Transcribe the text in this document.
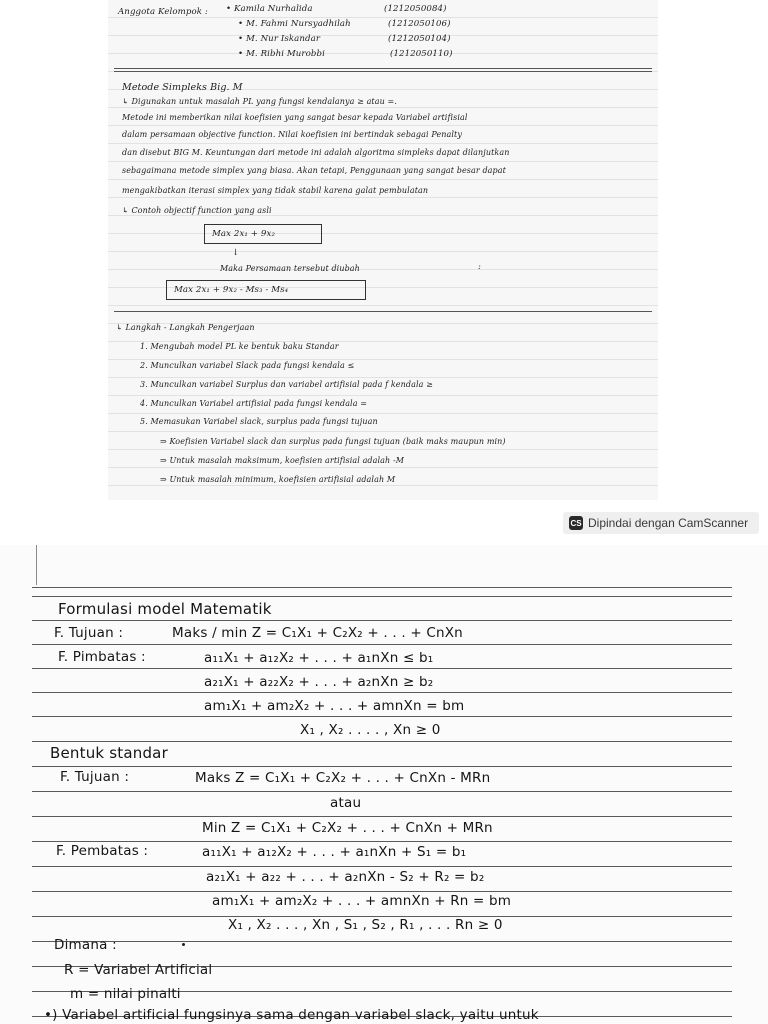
Anggota Kelompok : • Kamila Nurhalida	(1212050084)
• M. Fahmi Nursyadhilah	(1212050106)
• M. Nur Iskandar	(1212050104)
• M. Ribhi Murobbi	(1212050110)
Metode Simpleks Big. M
↳ Digunakan untuk masalah PL yang fungsi kendalanya ≥ atau =.
Metode ini memberikan nilai koefisien yang sangat besar kepada Variabel artifisial
dalam persamaan objective function. Nilai koefisien ini bertindak sebagai Penalty
dan disebut BIG M. Keuntungan dari metode ini adalah algoritma simpleks dapat dilanjutkan
sebagaimana metode simplex yang biasa. Akan tetapi, Penggunaan yang sangat besar dapat
mengakibatkan iterasi simplex yang tidak stabil karena galat pembulatan
↳ Contoh objectif function yang asli
Max 2x₁ + 9x₂
↓
Maka Persamaan tersebut diubah	:
Max 2x₁ + 9x₂ - Ms₃ - Ms₄
↳ Langkah - Langkah Pengerjaan
1. Mengubah model PL ke bentuk baku Standar
2. Munculkan variabel Slack pada fungsi kendala ≤
3. Munculkan variabel Surplus dan variabel artifisial pada f kendala ≥
4. Munculkan Variabel artifisial pada fungsi kendala =
5. Memasukan Variabel slack, surplus pada fungsi tujuan
⇒ Koefisien Variabel slack dan surplus pada fungsi tujuan (baik maks maupun min)
⇒ Untuk masalah maksimum, koefisien artifisial adalah -M
⇒ Untuk masalah minimum, koefisien artifisial adalah M
CS Dipindai dengan CamScanner
Formulasi model Matematik
F. Tujuan :	Maks / min Z = C₁X₁ + C₂X₂ + . . . + CnXn
F. Pimbatas :	a₁₁X₁ + a₁₂X₂ + . . . + a₁nXn ≤ b₁
a₂₁X₁ + a₂₂X₂ + . . . + a₂nXn ≥ b₂
am₁X₁ + am₂X₂ + . . . + amnXn = bm
X₁ , X₂ . . . . , Xn ≥ 0
Bentuk standar
F. Tujuan :	Maks Z = C₁X₁ + C₂X₂ + . . . + CnXn - MRn
atau
Min Z = C₁X₁ + C₂X₂ + . . . + CnXn + MRn
F. Pembatas :	a₁₁X₁ + a₁₂X₂ + . . . + a₁nXn + S₁ = b₁
a₂₁X₁ + a₂₂ + . . . + a₂nXn - S₂ + R₂ = b₂
am₁X₁ + am₂X₂ + . . . + amnXn + Rn = bm
X₁ , X₂ . . . , Xn , S₁ , S₂ , R₁ , . . . Rn ≥ 0
Dimana :
R = Variabel Artificial
m = nilai pinalti
•) Variabel artificial fungsinya sama dengan variabel slack, yaitu untuk
